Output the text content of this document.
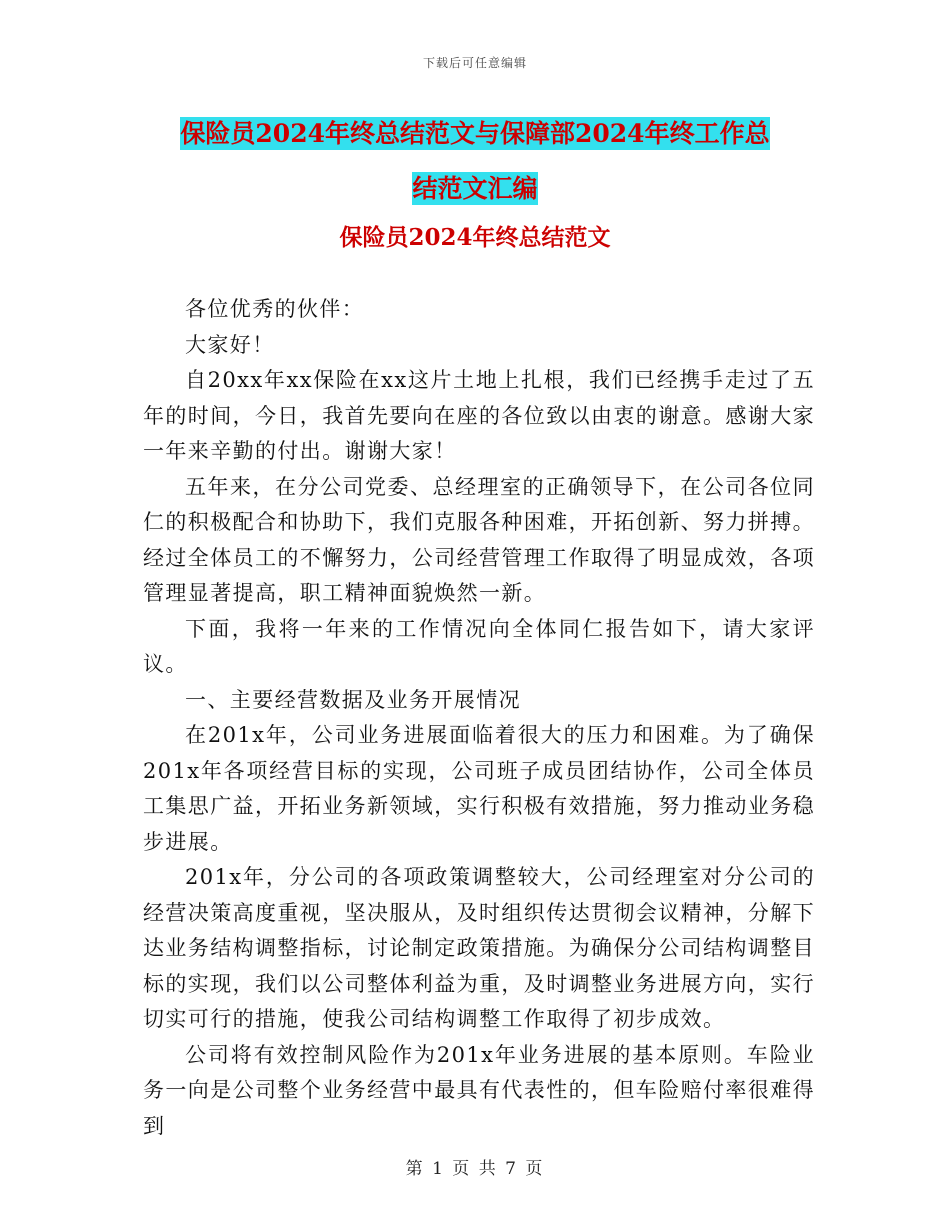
下载后可任意编辑
保险员2024年终总结范文与保障部2024年终工作总
结范文汇编
保险员2024年终总结范文

各位优秀的伙伴：

大家好！

自20xx年xx保险在xx这片土地上扎根，我们已经携手走过了五年的时间，今日，我首先要向在座的各位致以由衷的谢意。感谢大家一年来辛勤的付出。谢谢大家！

五年来，在分公司党委、总经理室的正确领导下，在公司各位同仁的积极配合和协助下，我们克服各种困难，开拓创新、努力拼搏。经过全体员工的不懈努力，公司经营管理工作取得了明显成效，各项管理显著提高，职工精神面貌焕然一新。

下面，我将一年来的工作情况向全体同仁报告如下，请大家评议。

一、主要经营数据及业务开展情况

在201x年，公司业务进展面临着很大的压力和困难。为了确保201x年各项经营目标的实现，公司班子成员团结协作，公司全体员工集思广益，开拓业务新领域，实行积极有效措施，努力推动业务稳步进展。

201x年，分公司的各项政策调整较大，公司经理室对分公司的经营决策高度重视，坚决服从，及时组织传达贯彻会议精神，分解下达业务结构调整指标，讨论制定政策措施。为确保分公司结构调整目标的实现，我们以公司整体利益为重，及时调整业务进展方向，实行切实可行的措施，使我公司结构调整工作取得了初步成效。

公司将有效控制风险作为201x年业务进展的基本原则。车险业务一向是公司整个业务经营中最具有代表性的，但车险赔付率很难得到

第 1 页 共 7 页
